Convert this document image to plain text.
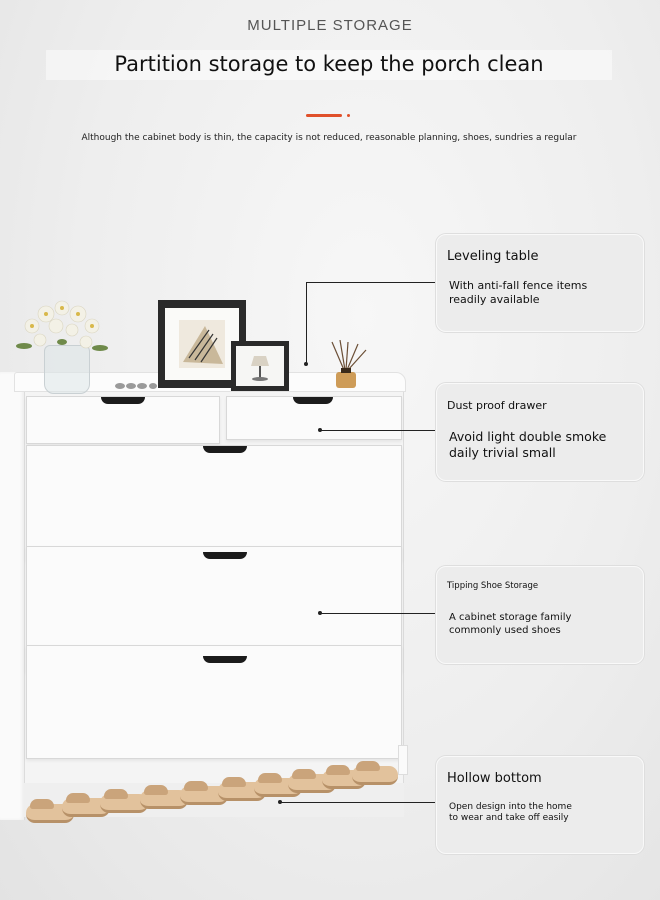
MULTIPLE STORAGE
Partition storage to keep the porch clean
Although the cabinet body is thin, the capacity is not reduced, reasonable planning, shoes, sundries a regular
Leveling table
With anti-fall fence items
readily available
Dust proof drawer
Avoid light double smoke
daily trivial small
Tipping Shoe Storage
A cabinet storage family
commonly used shoes
Hollow bottom
Open design into the home
to wear and take off easily
